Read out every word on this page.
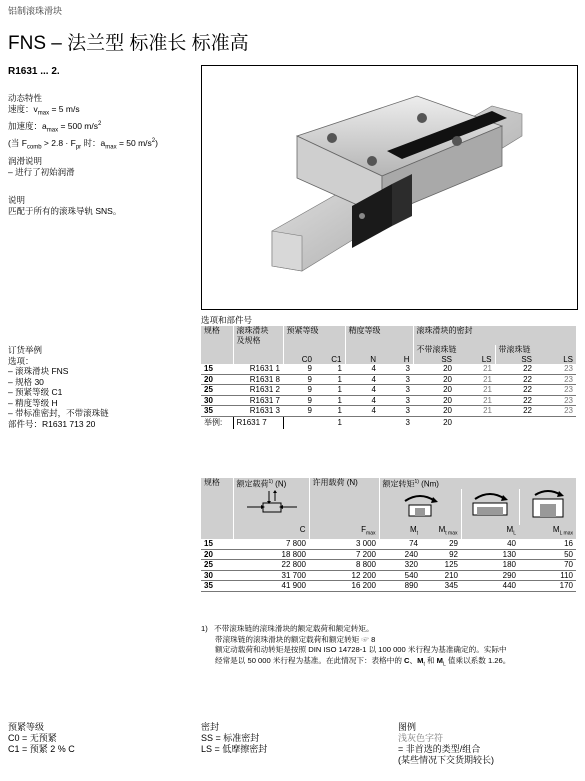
铝制滚珠滑块
FNS – 法兰型 标准长 标准高
R1631 ... 2.
动态特性
速度：$v_{max} = 5$ m/s
加速度：$a_{max} = 500$ $m/s^2$
(当 $F_{comb} > 2.8 \cdot F_{pr}$ 时：$a_{max} = 50$ $m/s^2$)
润滑说明
– 进行了初始润滑
说明
匹配于所有的滚珠导轨 SNS。
订货举例
选项：
– 滚珠滑块 FNS
– 规格 30
– 预紧等级 C1
– 精度等级 H
– 带标准密封，不带滚珠链
部件号：R1631 713 20
选项和部件号
规格	滚珠滑块
及规格	预紧等级		精度等级		滚珠滑块的密封			
						不带滚珠链		带滚珠链	
		C0	C1	N	H	SS	LS	SS	LS
15	R1631 1	9	1	4	3	20	21	22	23
20	R1631 8	9	1	4	3	20	21	22	23
25	R1631 2	9	1	4	3	20	21	22	23
30	R1631 7	9	1	4	3	20	21	22	23
35	R1631 3	9	1	4	3	20	21	22	23
举例:	R1631 7		1		3	20			
规格	额定载荷$^{1)}$ (N)	许用载荷 (N)	额定转矩$^{1)}$ (Nm)			

	C	$F_{max}$	$M_t$	$M_{t max}$	$M_L$	$M_{L max}$
15	7 800	3 000	74	29	40	16
20	18 800	7 200	240	92	130	50
25	22 800	8 800	320	125	180	70
30	31 700	12 200	540	210	290	110
35	41 900	16 200	890	345	440	170
1) 不带滚珠链的滚珠滑块的额定载荷和额定转矩。
带滚珠链的滚珠滑块的额定载荷和额定转矩 ☞ 8
额定动载荷和动转矩是按照 DIN ISO 14728-1 以 100 000 米行程为基准确定的。实际中
经常是以 50 000 米行程为基准。在此情况下：表格中的 C、$M_t$ 和 $M_L$ 值乘以系数 1.26。
预紧等级
C0 = 无预紧
C1 = 预紧 2 % C
密封
SS = 标准密封
LS = 低摩擦密封
图例
浅灰色字符
= 非首选的类型/组合
(某些情况下交货期较长)
